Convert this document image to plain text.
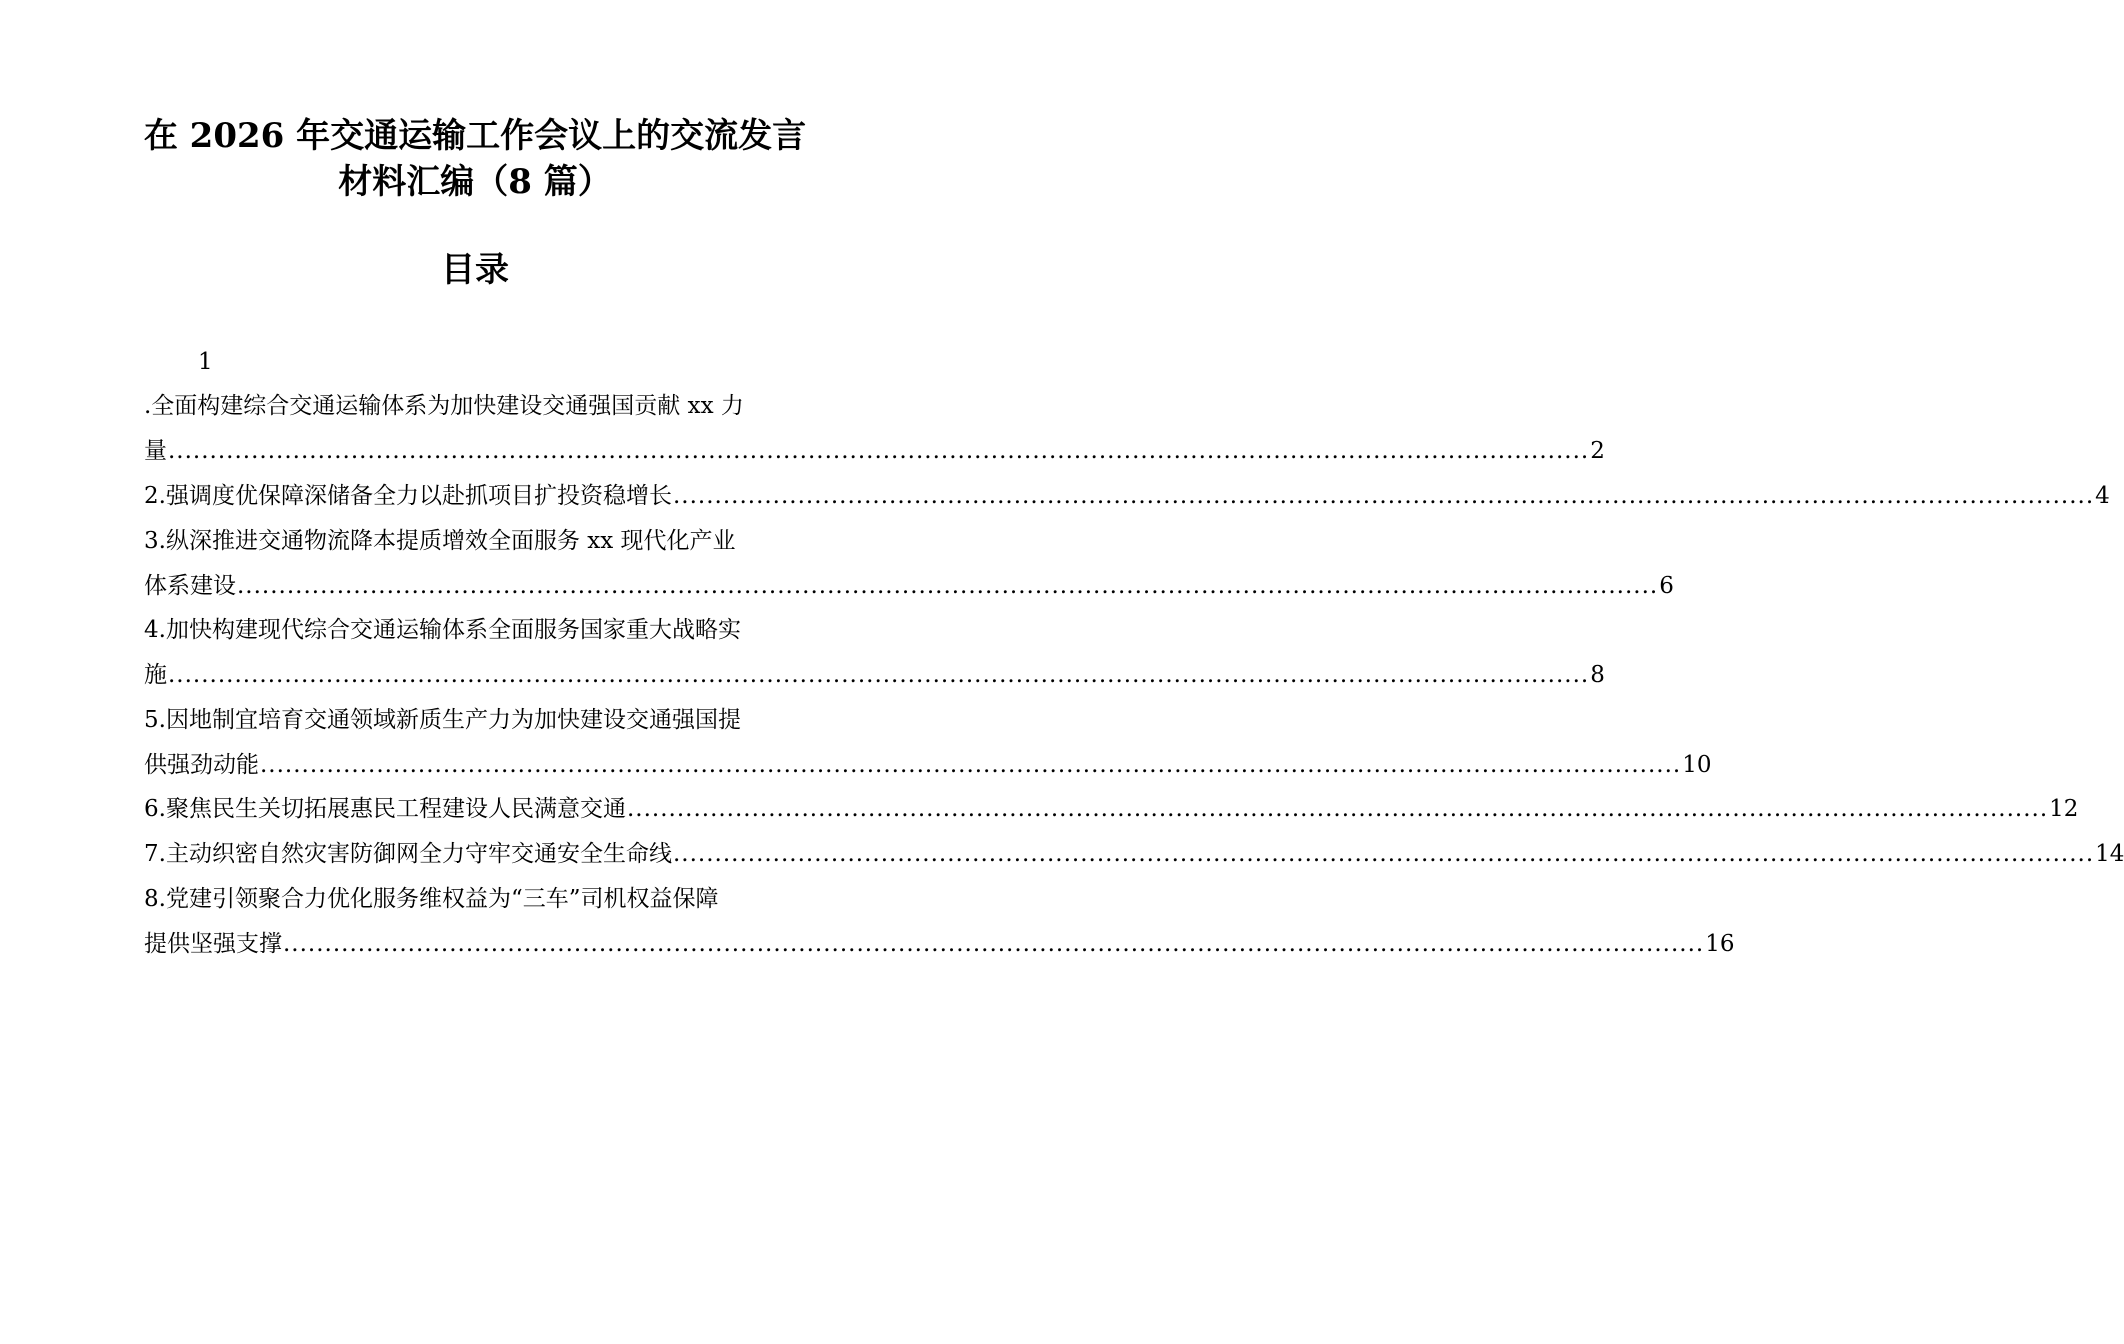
在 2026 年交通运输工作会议上的交流发言
材料汇编（8 篇）
目录
1
.全面构建综合交通运输体系为加快建设交通强国贡献 xx 力
量 ........................................................................................................................................................................... 2
2.强调度优保障深储备全力以赴抓项目扩投资稳增长 ........................................................................................................................................................................... 4
3.纵深推进交通物流降本提质增效全面服务 xx 现代化产业
体系建设 ........................................................................................................................................................................... 6
4.加快构建现代综合交通运输体系全面服务国家重大战略实
施 ........................................................................................................................................................................... 8
5.因地制宜培育交通领域新质生产力为加快建设交通强国提
供强劲动能 ........................................................................................................................................................................... 10
6.聚焦民生关切拓展惠民工程建设人民满意交通 ........................................................................................................................................................................... 12
7.主动织密自然灾害防御网全力守牢交通安全生命线 ........................................................................................................................................................................... 14
8.党建引领聚合力优化服务维权益为“三车”司机权益保障
提供坚强支撑 ........................................................................................................................................................................... 16
